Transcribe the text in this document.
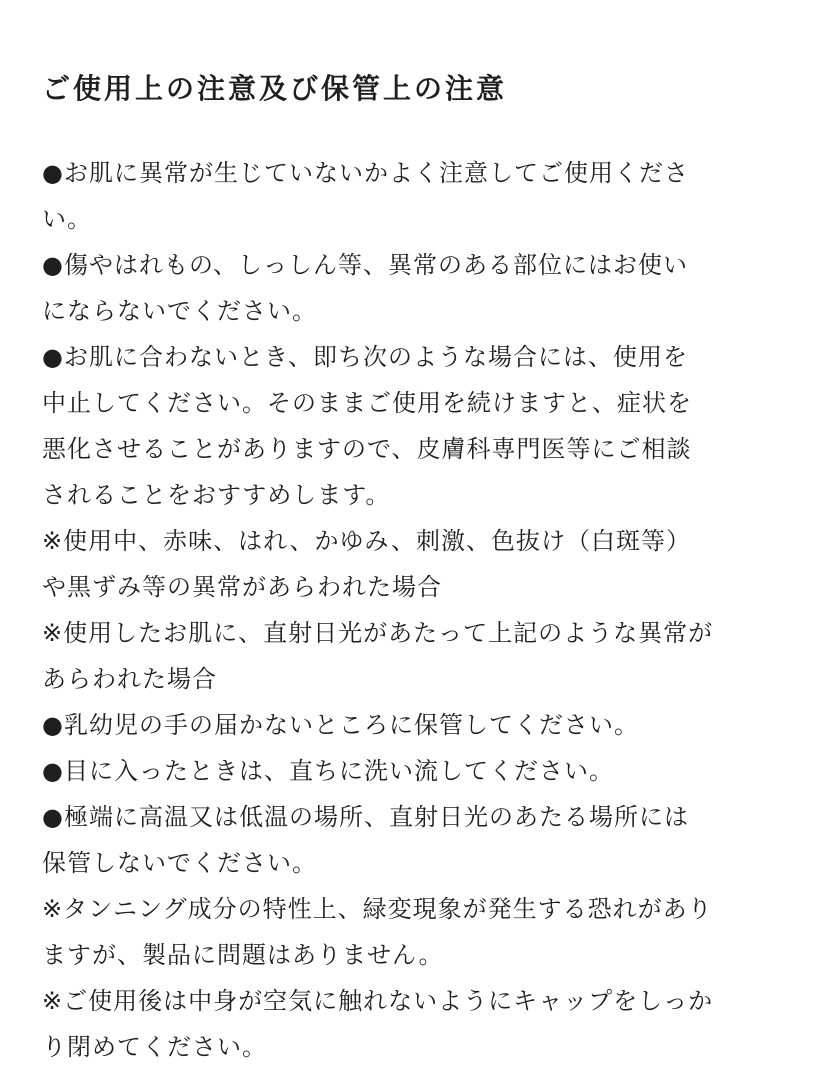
ご使用上の注意及び保管上の注意
●お肌に異常が生じていないかよく注意してご使用くださ
い。
●傷やはれもの、しっしん等、異常のある部位にはお使い
にならないでください。
●お肌に合わないとき、即ち次のような場合には、使用を
中止してください。そのままご使用を続けますと、症状を
悪化させることがありますので、皮膚科専門医等にご相談
されることをおすすめします。
※使用中、赤味、はれ、かゆみ、刺激、色抜け（白斑等）
や黒ずみ等の異常があらわれた場合
※使用したお肌に、直射日光があたって上記のような異常が
あらわれた場合
●乳幼児の手の届かないところに保管してください。
●目に入ったときは、直ちに洗い流してください。
●極端に高温又は低温の場所、直射日光のあたる場所には
保管しないでください。
※タンニング成分の特性上、緑変現象が発生する恐れがあり
ますが、製品に問題はありません。
※ご使用後は中身が空気に触れないようにキャップをしっか
り閉めてください。
